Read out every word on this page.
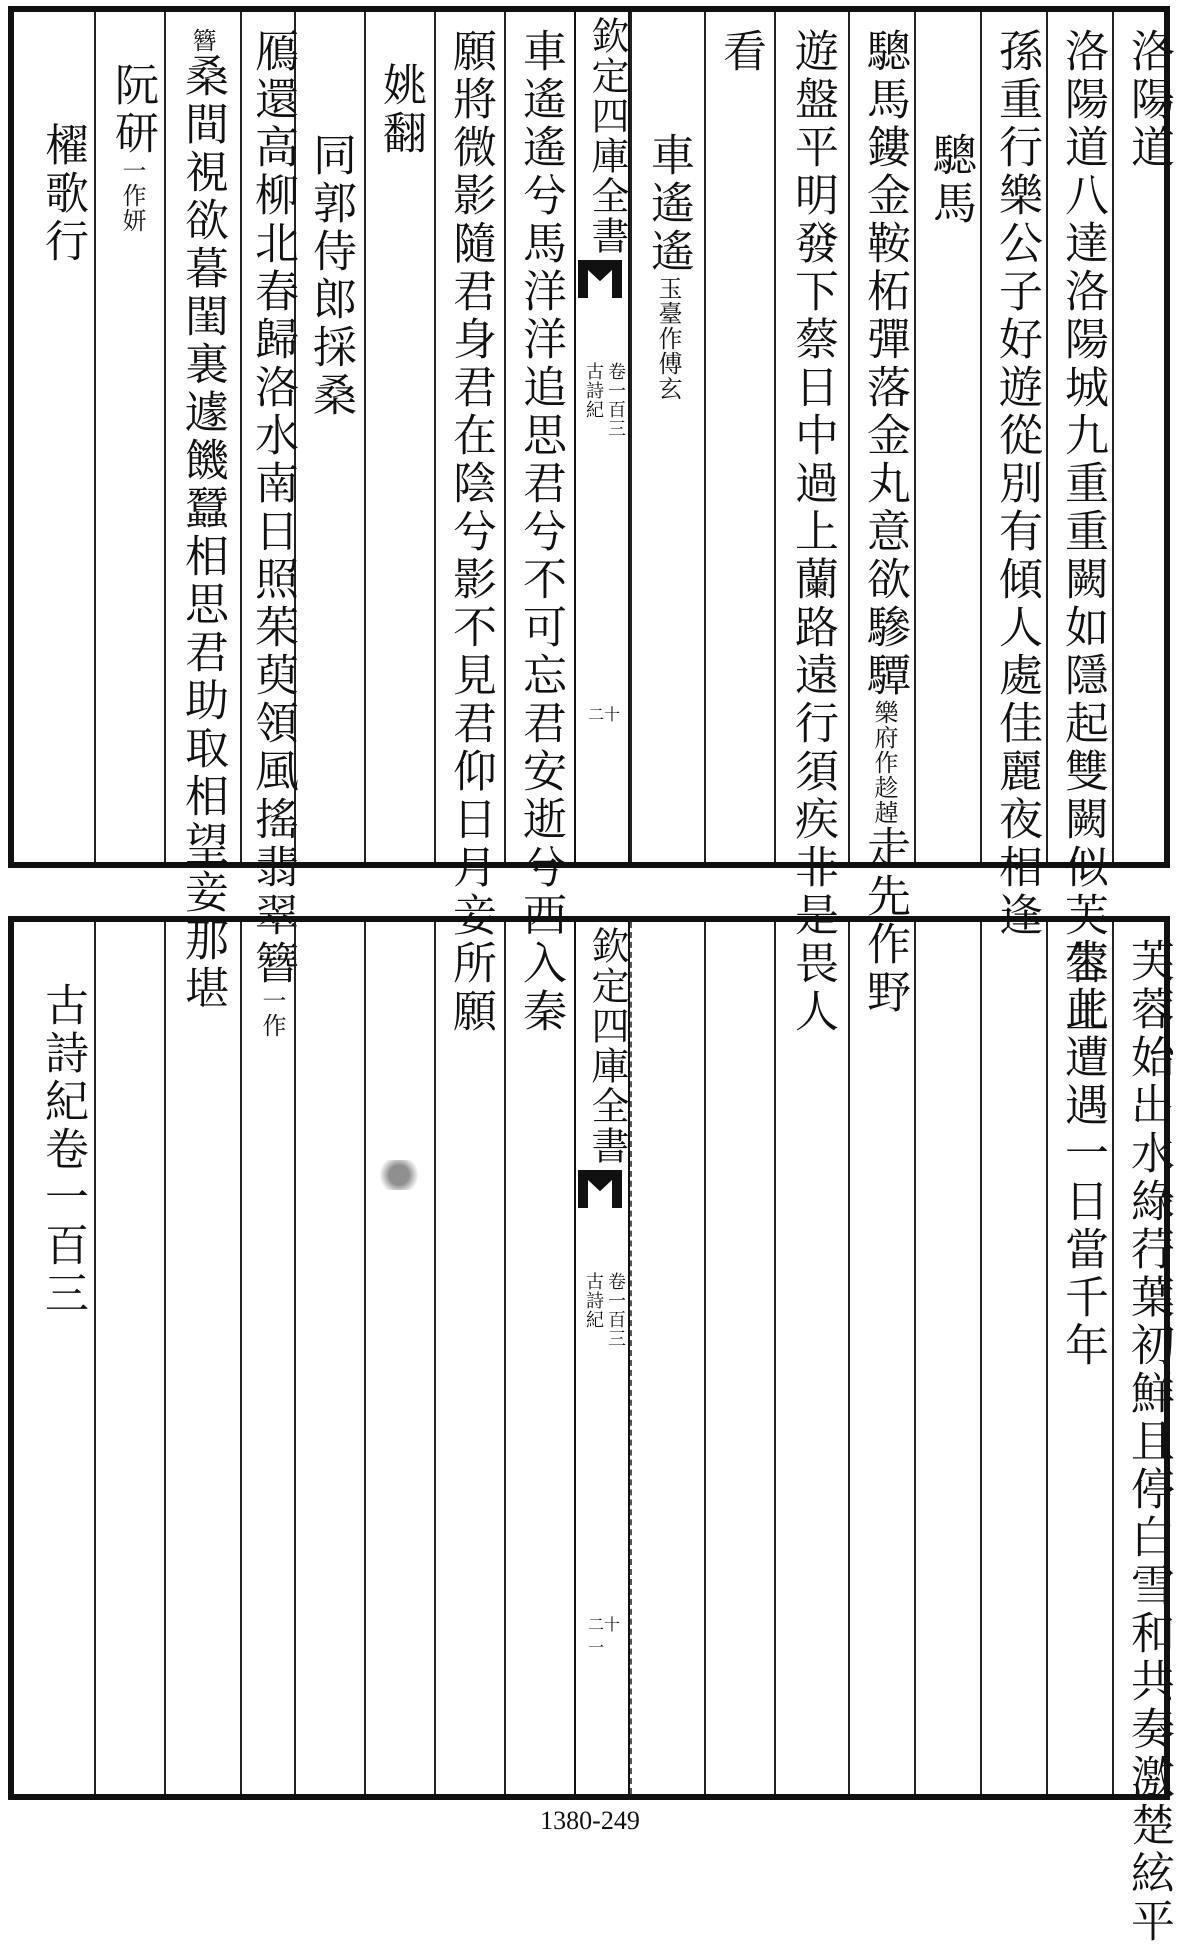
欽定四庫全書
古詩紀 卷一百三
二十
洛陽道
洛陽道八達洛陽城九重重闕如隱起雙闕似芙蓉王
孫重行樂公子好遊從別有傾人處佳麗夜相逢
驄馬
驄馬鏤金鞍柘彈落金丸意欲驂驔樂府作趁趠走先作野
遊盤平明發下蔡日中過上蘭路遠行須疾非是畏人
看
車遙遙玉臺作傅玄
車遙遙兮馬洋洋追思君兮不可忘君安逝兮西入秦
願將微影隨君身君在陰兮影不見君仰日月妾所願
姚翻
同郭侍郎採桑
鴈還高柳北春歸洛水南日照茱萸領風搖翡翠簪一作
簪桑間視欲暮閨裏遽饑蠶相思君助取相望妾那堪
阮研一作妍
櫂歌行
欽定四庫全書
古詩紀 卷一百三
二十一	芙蓉始出水綠荇葉初鮮且停白雪和共奏激楚絃平
生此遭遇一日當千年
古詩紀卷一百三
1380-249
